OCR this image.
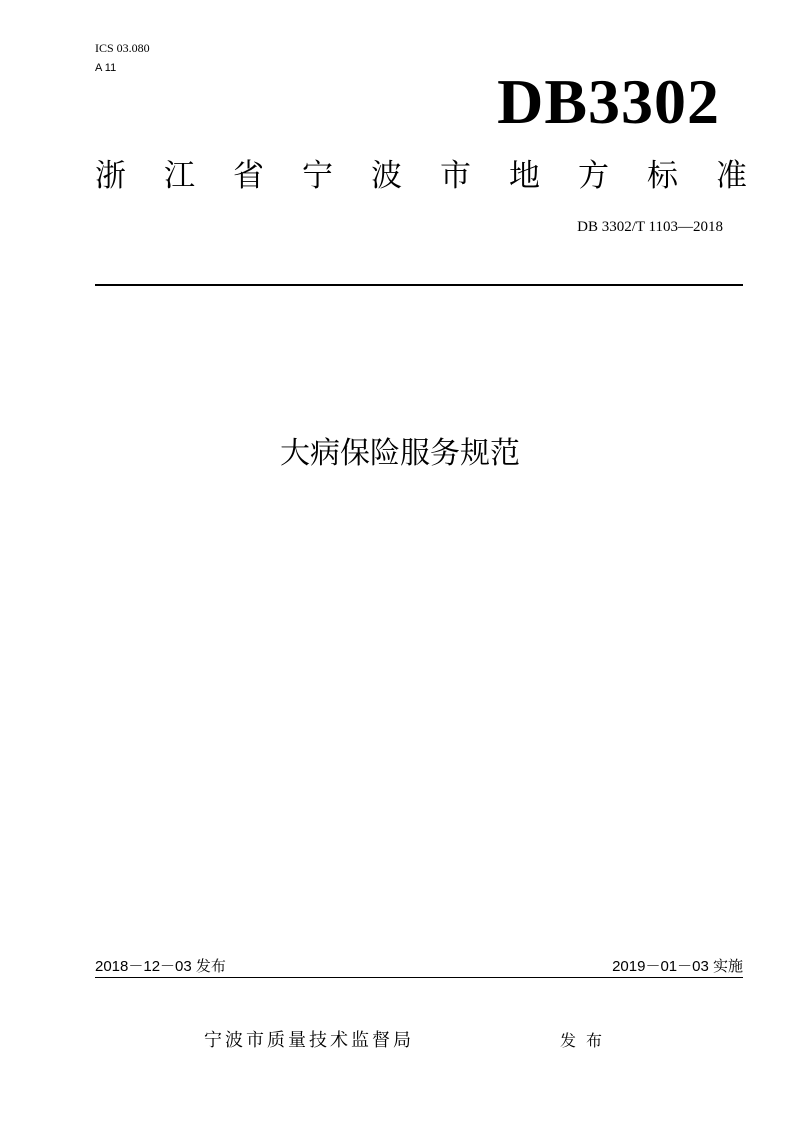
ICS 03.080
A 11	DB3302
浙 江 省 宁 波 市 地 方 标 准
DB 3302/T 1103—2018
大病保险服务规范
2018－12－03 发布	2019－01－03 实施
宁波市质量技术监督局	发布
